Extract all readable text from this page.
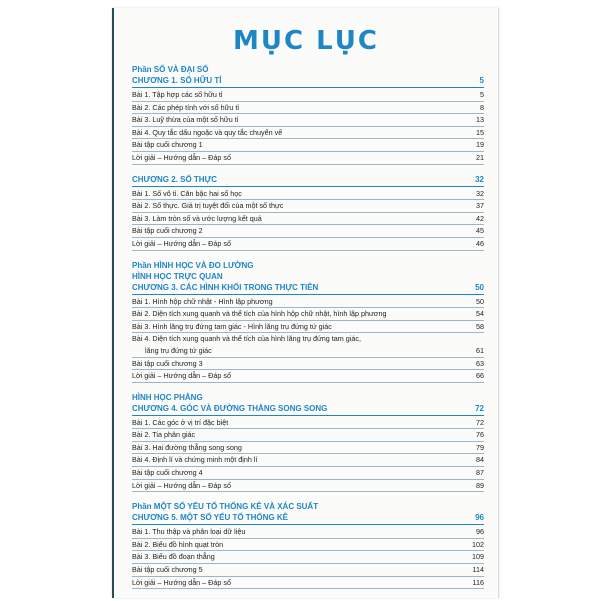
MỤC LỤC
Phần SỐ VÀ ĐẠI SỐ
CHƯƠNG 1. SỐ HỮU TỈ	5
Bài 1. Tập hợp các số hữu tỉ	5
Bài 2. Các phép tính với số hữu tỉ	8
Bài 3. Luỹ thừa của một số hữu tỉ	13
Bài 4. Quy tắc dấu ngoặc và quy tắc chuyển vế	15
Bài tập cuối chương 1	19
Lời giải – Hướng dẫn – Đáp số	21
CHƯƠNG 2. SỐ THỰC	32
Bài 1. Số vô tỉ. Căn bậc hai số học	32
Bài 2. Số thực. Giá trị tuyệt đối của một số thực	37
Bài 3. Làm tròn số và ước lượng kết quả	42
Bài tập cuối chương 2	45
Lời giải – Hướng dẫn – Đáp số	46
Phần HÌNH HỌC VÀ ĐO LƯỜNG
HÌNH HỌC TRỰC QUAN
CHƯƠNG 3. CÁC HÌNH KHỐI TRONG THỰC TIỄN	50
Bài 1. Hình hộp chữ nhật - Hình lập phương	50
Bài 2. Diện tích xung quanh và thể tích của hình hộp chữ nhật, hình lập phương	54
Bài 3. Hình lăng trụ đứng tam giác - Hình lăng trụ đứng tứ giác	58
Bài 4. Diện tích xung quanh và thể tích của hình lăng trụ đứng tam giác,
lăng trụ đứng tứ giác	61
Bài tập cuối chương 3	63
Lời giải – Hướng dẫn – Đáp số	66
HÌNH HỌC PHẲNG
CHƯƠNG 4. GÓC VÀ ĐƯỜNG THẲNG SONG SONG	72
Bài 1. Các góc ở vị trí đặc biệt	72
Bài 2. Tia phân giác	76
Bài 3. Hai đường thẳng song song	79
Bài 4. Định lí và chứng minh một định lí	84
Bài tập cuối chương 4	87
Lời giải – Hướng dẫn – Đáp số	89
Phần MỘT SỐ YẾU TỐ THỐNG KÊ VÀ XÁC SUẤT
CHƯƠNG 5. MỘT SỐ YẾU TỐ THỐNG KÊ	96
Bài 1. Thu thập và phân loại dữ liệu	96
Bài 2. Biểu đồ hình quạt tròn	102
Bài 3. Biểu đồ đoạn thẳng	109
Bài tập cuối chương 5	114
Lời giải – Hướng dẫn – Đáp số	116
